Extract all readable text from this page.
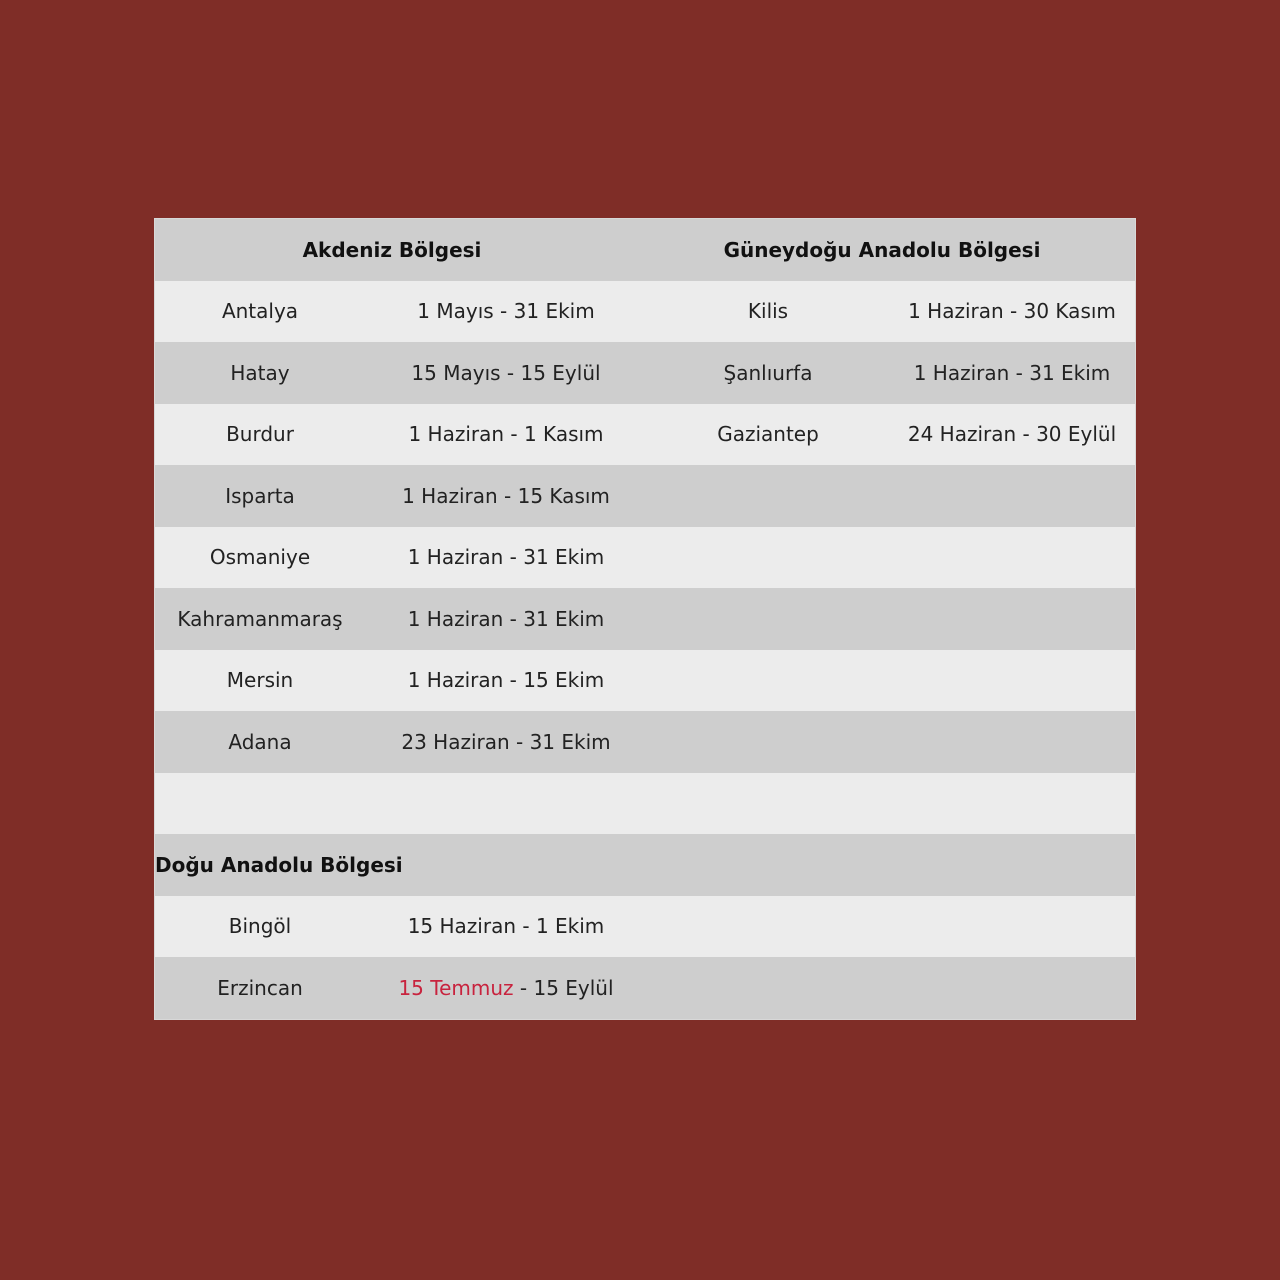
Akdeniz Bölgesi	Güneydoğu Anadolu Bölgesi
Antalya	1 Mayıs - 31 Ekim	Kilis	1 Haziran - 30 Kasım
Hatay	15 Mayıs - 15 Eylül	Şanlıurfa	1 Haziran - 31 Ekim
Burdur	1 Haziran - 1 Kasım	Gaziantep	24 Haziran - 30 Eylül
Isparta	1 Haziran - 15 Kasım
Osmaniye	1 Haziran - 31 Ekim
Kahramanmaraş	1 Haziran - 31 Ekim
Mersin	1 Haziran - 15 Ekim
Adana	23 Haziran - 31 Ekim
Doğu Anadolu Bölgesi
Bingöl	15 Haziran - 1 Ekim
Erzincan	15 Temmuz - 15 Eylül
